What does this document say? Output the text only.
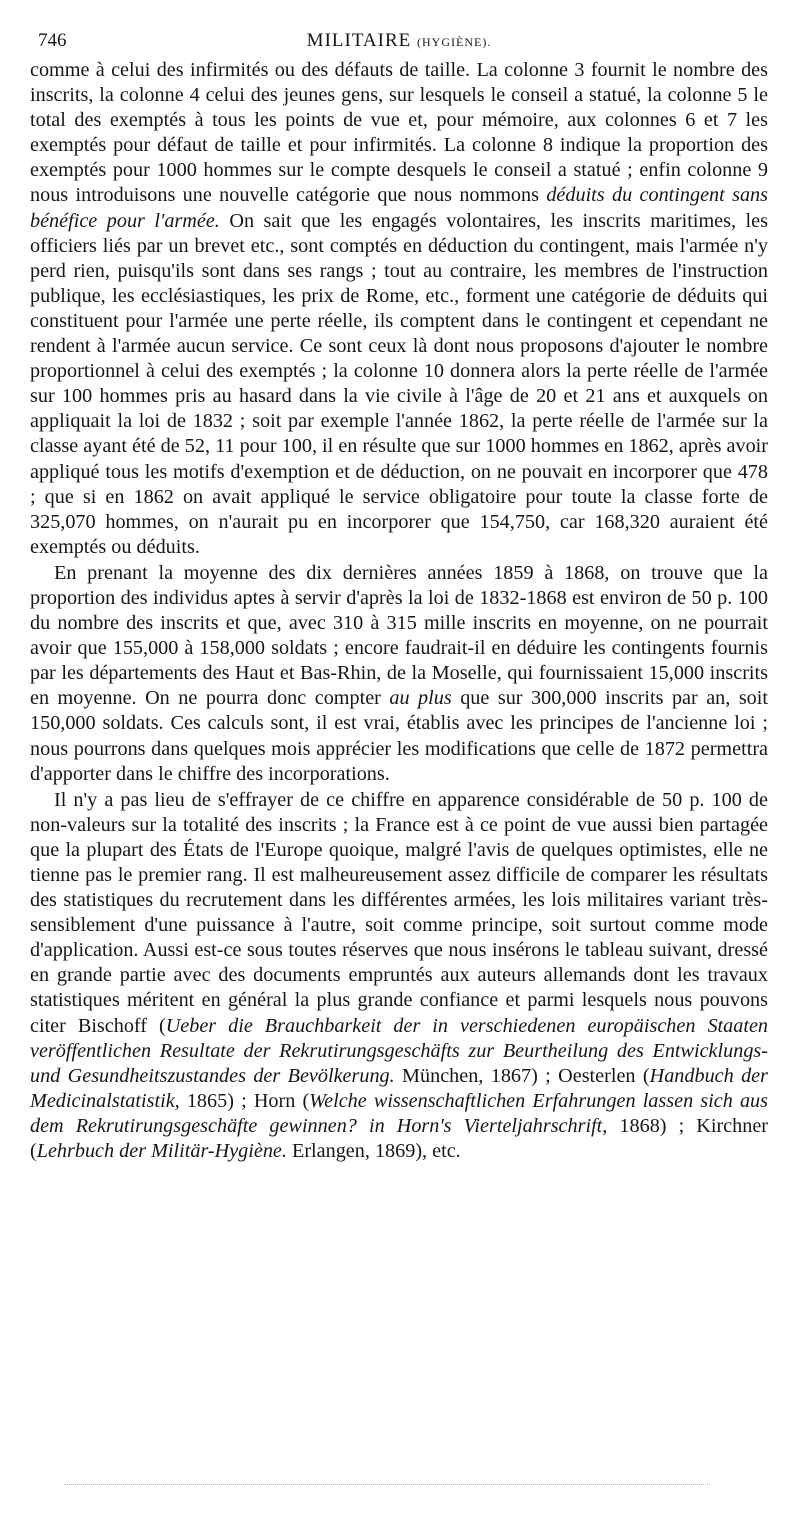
746	MILITAIRE (HYGIÈNE).

comme à celui des infirmités ou des défauts de taille. La colonne 3 fournit le nombre des inscrits, la colonne 4 celui des jeunes gens, sur lesquels le conseil a statué, la colonne 5 le total des exemptés à tous les points de vue et, pour mémoire, aux colonnes 6 et 7 les exemptés pour défaut de taille et pour infirmités. La colonne 8 indique la proportion des exemptés pour 1000 hommes sur le compte desquels le conseil a statué ; enfin colonne 9 nous introduisons une nouvelle catégorie que nous nommons déduits du contingent sans bénéfice pour l'armée. On sait que les engagés volontaires, les inscrits maritimes, les officiers liés par un brevet etc., sont comptés en déduction du contingent, mais l'armée n'y perd rien, puisqu'ils sont dans ses rangs ; tout au contraire, les membres de l'instruction publique, les ecclésiastiques, les prix de Rome, etc., forment une catégorie de déduits qui constituent pour l'armée une perte réelle, ils comptent dans le contingent et cependant ne rendent à l'armée aucun service. Ce sont ceux là dont nous proposons d'ajouter le nombre proportionnel à celui des exemptés ; la colonne 10 donnera alors la perte réelle de l'armée sur 100 hommes pris au hasard dans la vie civile à l'âge de 20 et 21 ans et auxquels on appliquait la loi de 1832 ; soit par exemple l'année 1862, la perte réelle de l'armée sur la classe ayant été de 52, 11 pour 100, il en résulte que sur 1000 hommes en 1862, après avoir appliqué tous les motifs d'exemption et de déduction, on ne pouvait en incorporer que 478 ; que si en 1862 on avait appliqué le service obligatoire pour toute la classe forte de 325,070 hommes, on n'aurait pu en incorporer que 154,750, car 168,320 auraient été exemptés ou déduits.

En prenant la moyenne des dix dernières années 1859 à 1868, on trouve que la proportion des individus aptes à servir d'après la loi de 1832-1868 est environ de 50 p. 100 du nombre des inscrits et que, avec 310 à 315 mille inscrits en moyenne, on ne pourrait avoir que 155,000 à 158,000 soldats ; encore faudrait-il en déduire les contingents fournis par les départements des Haut et Bas-Rhin, de la Moselle, qui fournissaient 15,000 inscrits en moyenne. On ne pourra donc compter au plus que sur 300,000 inscrits par an, soit 150,000 soldats. Ces calculs sont, il est vrai, établis avec les principes de l'ancienne loi ; nous pourrons dans quelques mois apprécier les modifications que celle de 1872 permettra d'apporter dans le chiffre des incorporations.

Il n'y a pas lieu de s'effrayer de ce chiffre en apparence considérable de 50 p. 100 de non-valeurs sur la totalité des inscrits ; la France est à ce point de vue aussi bien partagée que la plupart des États de l'Europe quoique, malgré l'avis de quelques optimistes, elle ne tienne pas le premier rang. Il est malheureusement assez difficile de comparer les résultats des statistiques du recrutement dans les différentes armées, les lois militaires variant très-sensiblement d'une puissance à l'autre, soit comme principe, soit surtout comme mode d'application. Aussi est-ce sous toutes réserves que nous insérons le tableau suivant, dressé en grande partie avec des documents empruntés aux auteurs allemands dont les travaux statistiques méritent en général la plus grande confiance et parmi lesquels nous pouvons citer Bischoff (Ueber die Brauchbarkeit der in verschiedenen europäischen Staaten veröffentlichen Resultate der Rekrutirungsgeschäfts zur Beurtheilung des Entwicklungs- und Gesundheitszustandes der Bevölkerung. München, 1867) ; Oesterlen (Handbuch der Medicinalstatistik, 1865) ; Horn (Welche wissenschaftlichen Erfahrungen lassen sich aus dem Rekrutirungsgeschäfte gewinnen? in Horn's Vierteljahrschrift, 1868) ; Kirchner (Lehrbuch der Militär-Hygiène. Erlangen, 1869), etc.
